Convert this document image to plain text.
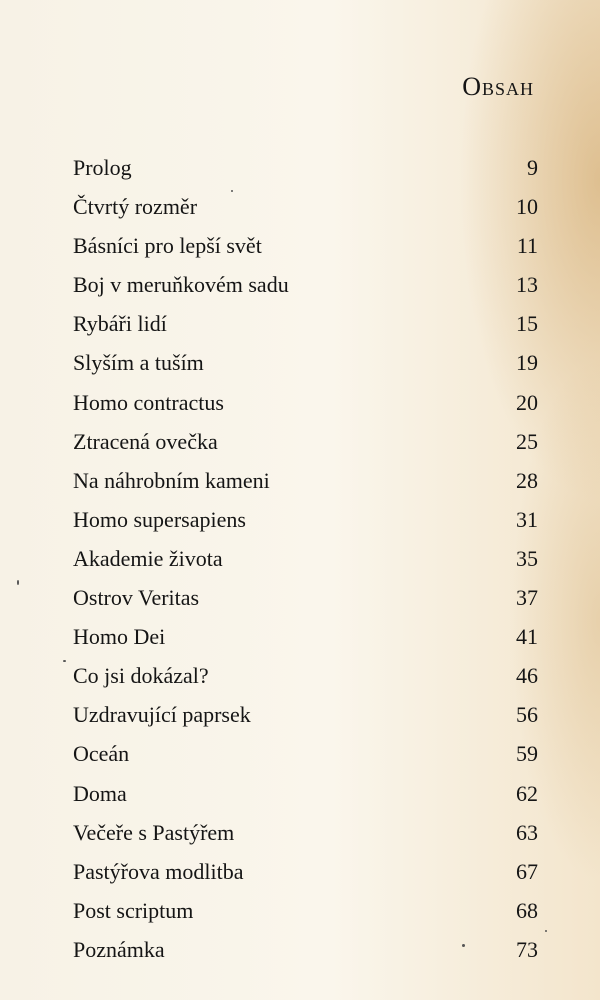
Obsah
Prolog	9
Čtvrtý rozměr	10
Básníci pro lepší svět	11
Boj v meruňkovém sadu	13
Rybáři lidí	15
Slyším a tuším	19
Homo contractus	20
Ztracená ovečka	25
Na náhrobním kameni	28
Homo supersapiens	31
Akademie života	35
Ostrov Veritas	37
Homo Dei	41
Co jsi dokázal?	46
Uzdravující paprsek	56
Oceán	59
Doma	62
Večeře s Pastýřem	63
Pastýřova modlitba	67
Post scriptum	68
Poznámka	73
